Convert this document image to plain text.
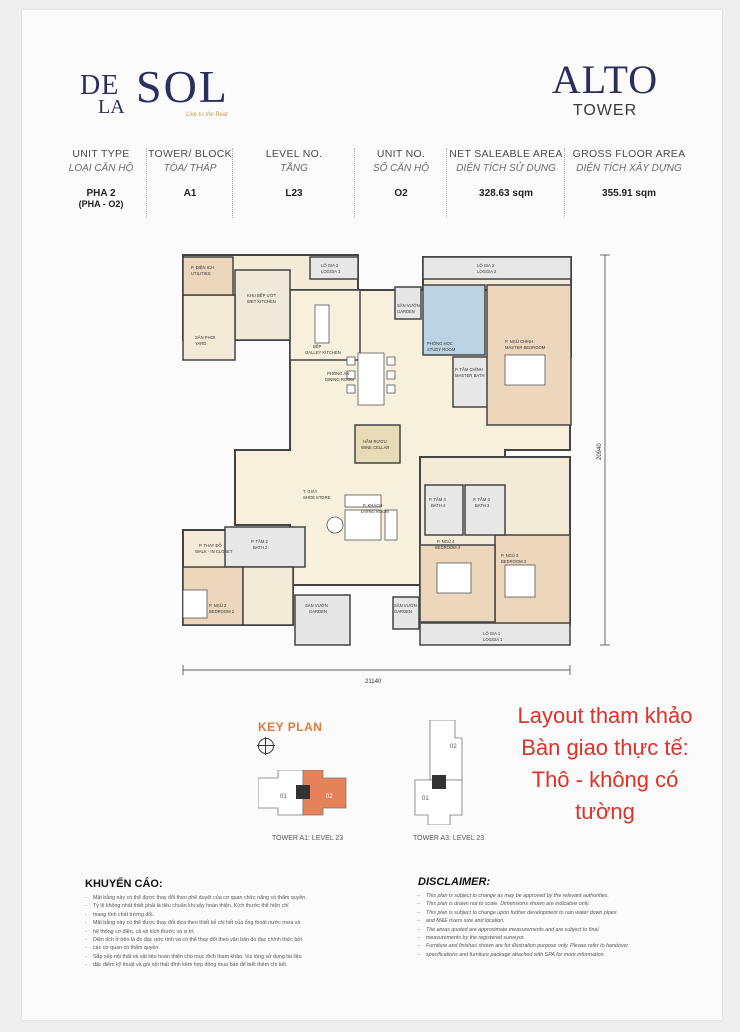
DE
LA SOL
Live to the Beat
ALTO
TOWER
UNIT TYPE
LOẠI CĂN HỘ
PHA 2
(PHA - O2)
TOWER/ BLOCK
TÒA/ THÁP
A1
LEVEL NO.
TẦNG
L23
UNIT NO.
SỐ CĂN HỘ
O2
NET SALEABLE AREA
DIỆN TÍCH SỬ DỤNG
328.63 sqm
GROSS FLOOR AREA
DIỆN TÍCH XÂY DỰNG
355.91 sqm
P. ĐIỆN ICH
UTILITIES
SÂN PHƠI
YARD
KHU BẾP ƯỚT
WET KITCHEN
BẾP
GALLEY KITCHEN
LÔ GIA 3
LOGGIA 3
LÔ GIA 2
LOGGIA 2
SÂN VƯỜN
GARDEN
PHÒNG ĂN
DINING ROOM
PHÒNG HỌC
STUDY ROOM
P. TẮM CHÍNH
MASTER BATH
P. NGỦ CHÍNH
MASTER BEDROOM
HẦM RƯỢU
WINE CELLAR
T. GIÀY
SHOE STORE
P. KHÁCH
LIVING ROOM
P. TẮM 2
BATH 2
P. THAY ĐỒ
WALK - IN CLOSET
P. NGỦ 2
BEDROOM 2
SÂN VƯỜN
GARDEN
P. TẮM 4
BATH 4
P. TẮM 3
BATH 3
P. NGỦ 4
BEDROOM 4
P. NGỦ 3
BEDROOM 3
SÂN VƯỜN
GARDEN
LÔ GIA 1
LOGGIA 1
21140
20940
KEY PLAN
01	02
TOWER A1: LEVEL 23
02
01
TOWER A3: LEVEL 23
Layout tham khảo
Bàn giao thực tế:
Thô - không có
tường
KHUYẾN CÁO:
- Mặt bằng này có thể được thay đổi theo phê duyệt của cơ quan chức năng có thẩm quyền.
- Tỷ lệ không nhất thiết phải là tiêu chuẩn khi xây hoàn thiện. Kích thước thể hiện chỉ
- mang tính chất tương đối.
- Mặt bằng này có thể được thay đổi dựa theo thiết kế chi tiết của ống thoát nước mưa và
- hệ thống cơ điện, cả về kích thước và vị trí.
- Diện tích ở trên là đo đạc ước tính và có thể thay đổi theo văn bản đo đạc chính thức bởi
- các cơ quan có thẩm quyền.
- Sắp xếp nội thất và vật liệu hoàn thiện cho mục đích tham khảo. Vui lòng sử dụng tài liệu
- đặc điểm kỹ thuật và gói nội thất đính kèm hợp đồng mua bán để biết thêm chi tiết.
DISCLAIMER:
- This plan is subject to change as may be approved by the relevant authorities.
- This plan is drawn not to scale. Dimensions shown are indicative only.
- This plan is subject to change upon further development to rain water down pipes
- and M&E risers size and location.
- The areas quoted are approximate measurements and are subject to final
- measurements by the registered surveyor.
- Furniture and finishes shown are for illustration purpose only. Please refer to handover
- specifications and furniture package attached with SPA for more information.
